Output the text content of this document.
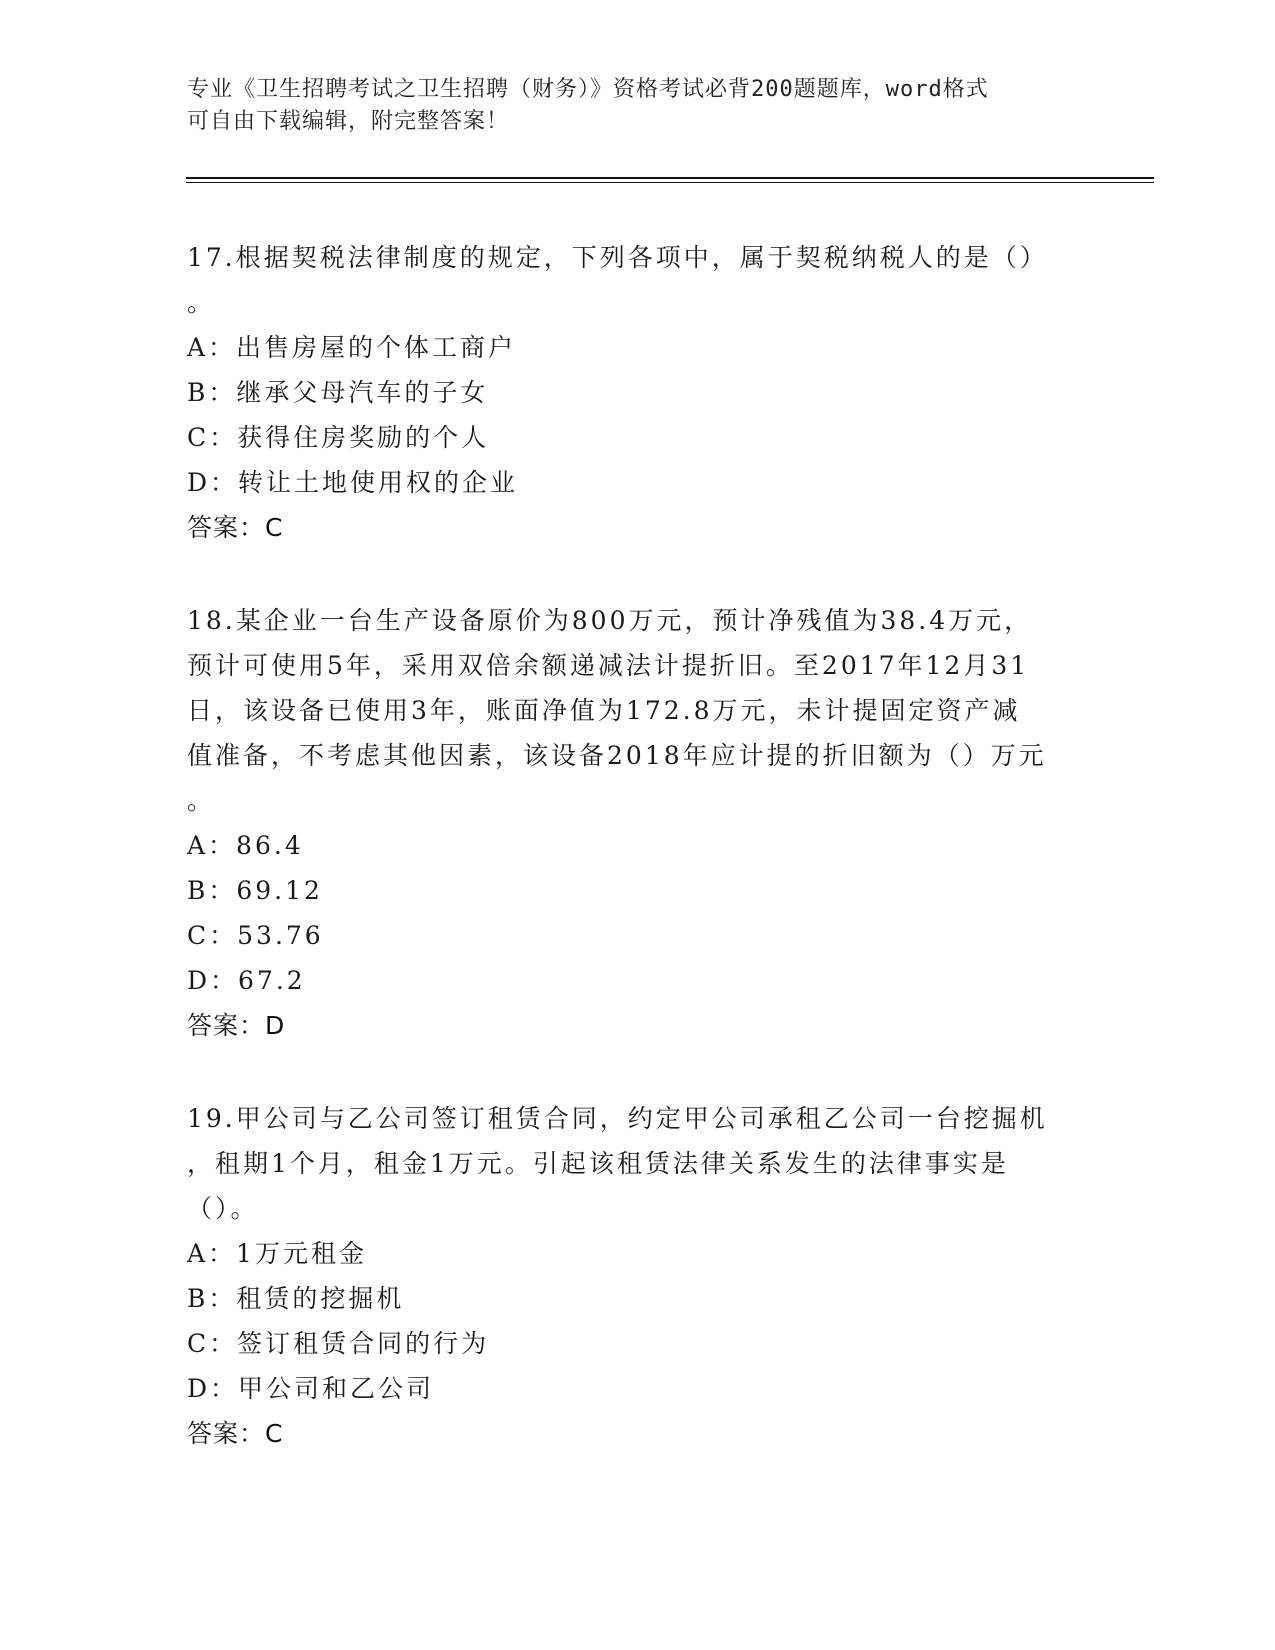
专业《卫生招聘考试之卫生招聘（财务）》资格考试必背200题题库，word格式
可自由下载编辑，附完整答案！
17.根据契税法律制度的规定，下列各项中，属于契税纳税人的是（）
。
A：出售房屋的个体工商户
B：继承父母汽车的子女
C：获得住房奖励的个人
D：转让土地使用权的企业
答案：C
18.某企业一台生产设备原价为800万元，预计净残值为38.4万元，
预计可使用5年，采用双倍余额递减法计提折旧。至2017年12月31
日，该设备已使用3年，账面净值为172.8万元，未计提固定资产减
值准备，不考虑其他因素，该设备2018年应计提的折旧额为（）万元
。
A：86.4
B：69.12
C：53.76
D：67.2
答案：D
19.甲公司与乙公司签订租赁合同，约定甲公司承租乙公司一台挖掘机
，租期1个月，租金1万元。引起该租赁法律关系发生的法律事实是
（）。
A：1万元租金
B：租赁的挖掘机
C：签订租赁合同的行为
D：甲公司和乙公司
答案：C
